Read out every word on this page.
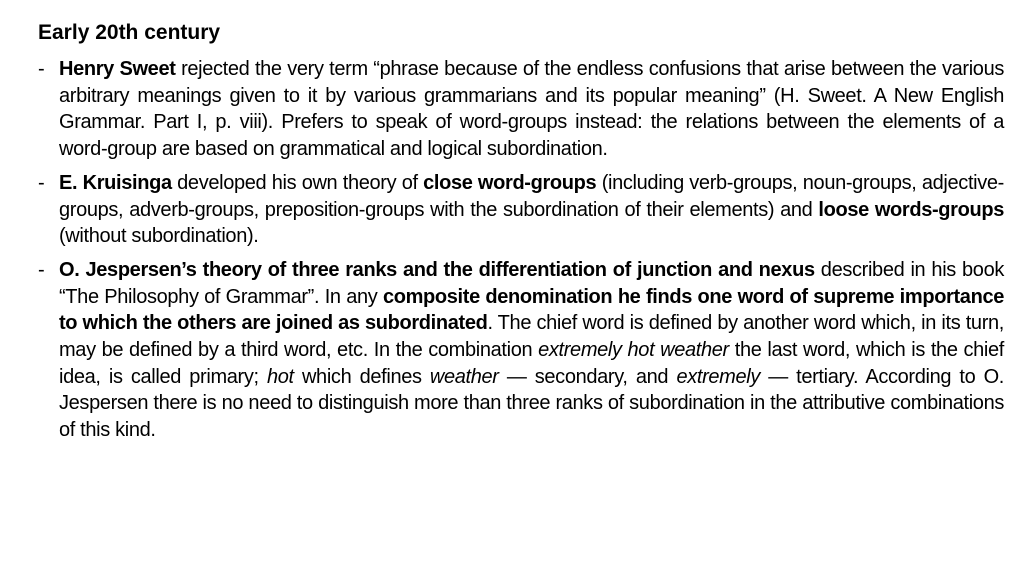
Early 20th century
- Henry Sweet rejected the very term “phrase because of the endless confusions that arise between the various arbitrary meanings given to it by various grammarians and its popular meaning” (H. Sweet. A New English Grammar. Part I, p. viii). Prefers to speak of word-groups instead: the relations between the elements of a word-group are based on grammatical and logical subordination.
- E. Kruisinga developed his own theory of close word-groups (including verb-groups, noun-groups, adjective-groups, adverb-groups, preposition-groups with the subordination of their elements) and loose words-groups (without subordination).
- O. Jespersen’s theory of three ranks and the differentiation of junction and nexus described in his book “The Philosophy of Grammar”. In any composite denomination he finds one word of supreme importance to which the others are joined as subordinated. The chief word is defined by another word which, in its turn, may be defined by a third word, etc. In the combination extremely hot weather the last word, which is the chief idea, is called primary; hot which defines weather — secondary, and extremely — tertiary. According to O. Jespersen there is no need to distinguish more than three ranks of subordination in the attributive combinations of this kind.
